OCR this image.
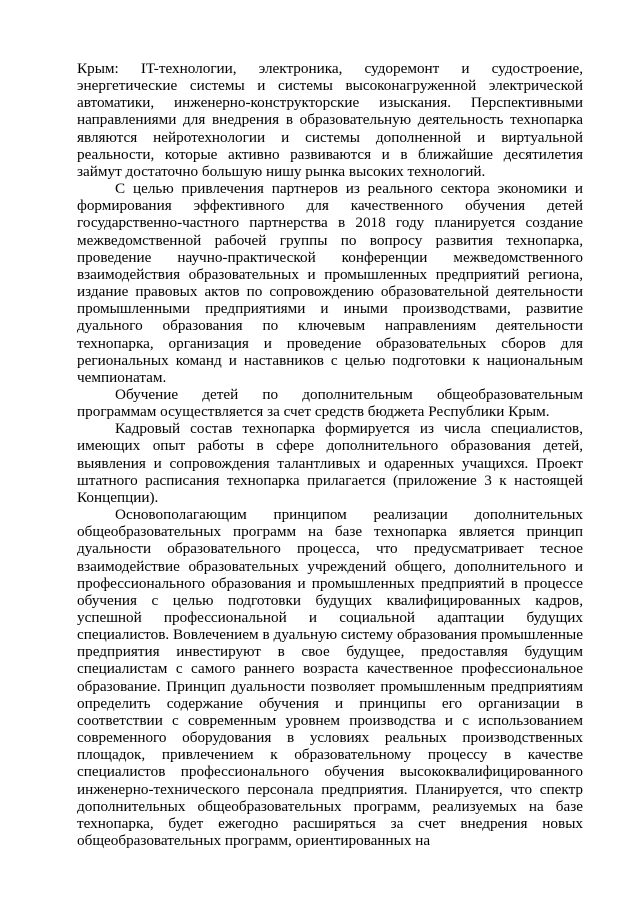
Крым: IT-технологии, электроника, судоремонт и судостроение, энергетические системы и системы высоконагруженной электрической автоматики, инженерно-конструкторские изыскания. Перспективными направлениями для внедрения в образовательную деятельность технопарка являются нейротехнологии и системы дополненной и виртуальной реальности, которые активно развиваются и в ближайшие десятилетия займут достаточно большую нишу рынка высоких технологий.

С целью привлечения партнеров из реального сектора экономики и формирования эффективного для качественного обучения детей государственно-частного партнерства в 2018 году планируется создание межведомственной рабочей группы по вопросу развития технопарка, проведение научно-практической конференции межведомственного взаимодействия образовательных и промышленных предприятий региона, издание правовых актов по сопровождению образовательной деятельности промышленными предприятиями и иными производствами, развитие дуального образования по ключевым направлениям деятельности технопарка, организация и проведение образовательных сборов для региональных команд и наставников с целью подготовки к национальным чемпионатам.

Обучение детей по дополнительным общеобразовательным программам осуществляется за счет средств бюджета Республики Крым.

Кадровый состав технопарка формируется из числа специалистов, имеющих опыт работы в сфере дополнительного образования детей, выявления и сопровождения талантливых и одаренных учащихся. Проект штатного расписания технопарка прилагается (приложение 3 к настоящей Концепции).

Основополагающим принципом реализации дополнительных общеобразовательных программ на базе технопарка является принцип дуальности образовательного процесса, что предусматривает тесное взаимодействие образовательных учреждений общего, дополнительного и профессионального образования и промышленных предприятий в процессе обучения с целью подготовки будущих квалифицированных кадров, успешной профессиональной и социальной адаптации будущих специалистов. Вовлечением в дуальную систему образования промышленные предприятия инвестируют в свое будущее, предоставляя будущим специалистам с самого раннего возраста качественное профессиональное образование. Принцип дуальности позволяет промышленным предприятиям определить содержание обучения и принципы его организации в соответствии с современным уровнем производства и с использованием современного оборудования в условиях реальных производственных площадок, привлечением к образовательному процессу в качестве специалистов профессионального обучения высококвалифицированного инженерно-технического персонала предприятия. Планируется, что спектр дополнительных общеобразовательных программ, реализуемых на базе технопарка, будет ежегодно расширяться за счет внедрения новых общеобразовательных программ, ориентированных на
